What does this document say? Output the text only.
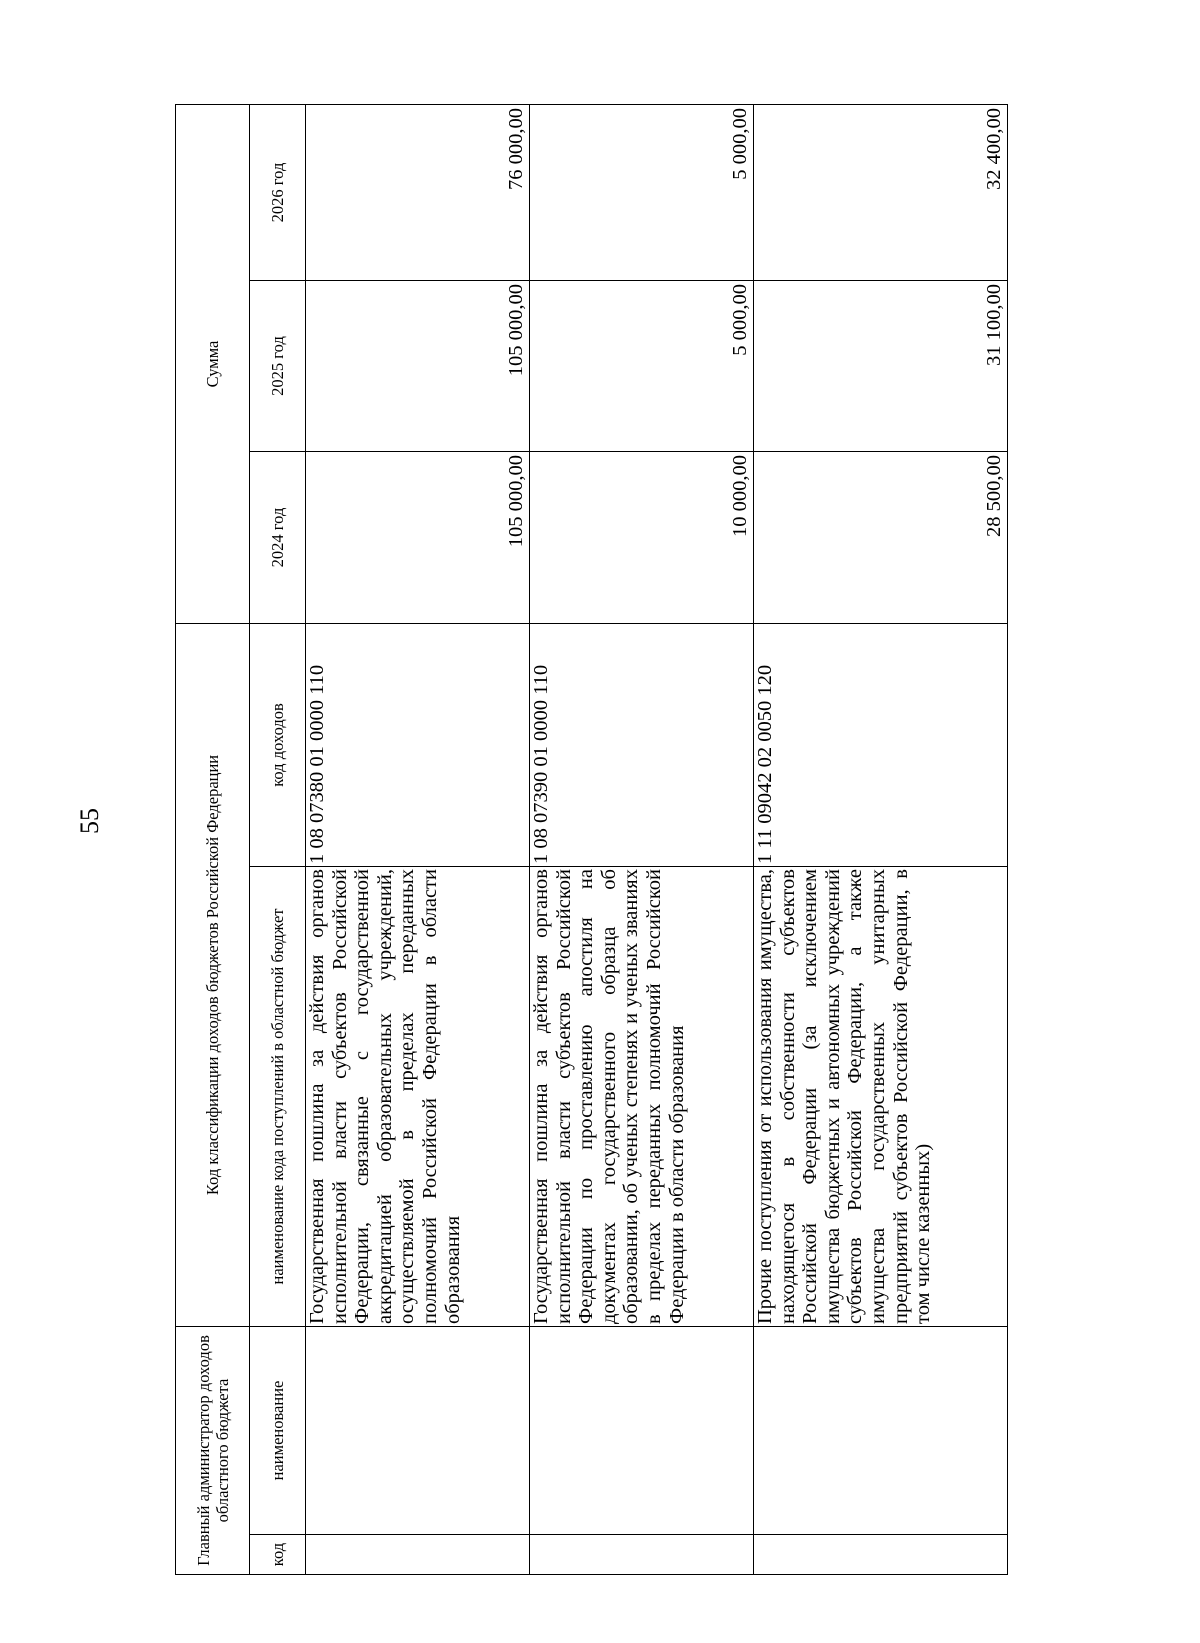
55
Главный администратор доходов областного бюджета		Код классификации доходов бюджетов Российской Федерации		Сумма		
код	наименование	наименование кода поступлений в областной бюджет	код доходов	2024 год	2025 год	2026 год
		Государственная пошлина за действия органов исполнительной власти субъектов Российской Федерации, связанные с государственной аккредитацией образовательных учреждений, осуществляемой в пределах переданных полномочий Российской Федерации в области образования	1 08 07380 01 0000 110	105 000,00	105 000,00	76 000,00
		Государственная пошлина за действия органов исполнительной власти субъектов Российской Федерации по проставлению апостиля на документах государственного образца об образовании, об ученых степенях и ученых званиях в пределах переданных полномочий Российской Федерации в области образования	1 08 07390 01 0000 110	10 000,00	5 000,00	5 000,00
		Прочие поступления от использования имущества, находящегося в собственности субъектов Российской Федерации (за исключением имущества бюджетных и автономных учреждений субъектов Российской Федерации, а также имущества государственных унитарных предприятий субъектов Российской Федерации, в том числе казенных)	1 11 09042 02 0050 120	28 500,00	31 100,00	32 400,00
